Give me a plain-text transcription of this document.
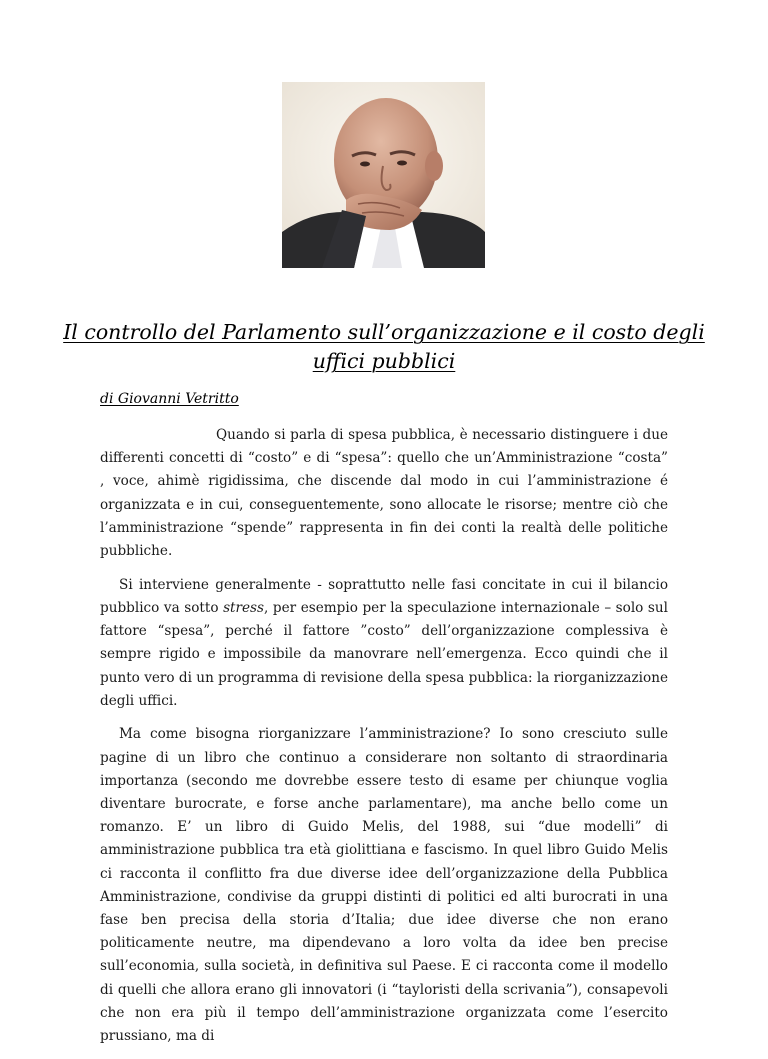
Il controllo del Parlamento sull’organizzazione e il costo degli uffici pubblici

di Giovanni Vetritto

Quando si parla di spesa pubblica, è necessario distinguere i due differenti concetti di “costo” e di “spesa”: quello che un’Amministrazione “costa” , voce, ahimè rigidissima, che discende dal modo in cui l’amministrazione é organizzata e in cui, conseguentemente, sono allocate le risorse; mentre ciò che l’amministrazione “spende” rappresenta in fin dei conti la realtà delle politiche pubbliche.

Si interviene generalmente - soprattutto nelle fasi concitate in cui il bilancio pubblico va sotto stress, per esempio per la speculazione internazionale – solo sul fattore “spesa”, perché il fattore ”costo” dell’organizzazione complessiva è sempre rigido e impossibile da manovrare nell’emergenza. Ecco quindi che il punto vero di un programma di revisione della spesa pubblica: la riorganizzazione degli uffici.

Ma come bisogna riorganizzare l’amministrazione? Io sono cresciuto sulle pagine di un libro che continuo a considerare non soltanto di straordinaria importanza (secondo me dovrebbe essere testo di esame per chiunque voglia diventare burocrate, e forse anche parlamentare), ma anche bello come un romanzo. E’ un libro di Guido Melis, del 1988, sui “due modelli” di amministrazione pubblica tra età giolittiana e fascismo. In quel libro Guido Melis ci racconta il conflitto fra due diverse idee dell’organizzazione della Pubblica Amministrazione, condivise da gruppi distinti di politici ed alti burocrati in una fase ben precisa della storia d’Italia; due idee diverse che non erano politicamente neutre, ma dipendevano a loro volta da idee ben precise sull’economia, sulla società, in definitiva sul Paese. E ci racconta come il modello di quelli che allora erano gli innovatori (i “tayloristi della scrivania”), consapevoli che non era più il tempo dell’amministrazione organizzata come l’esercito prussiano, ma di
